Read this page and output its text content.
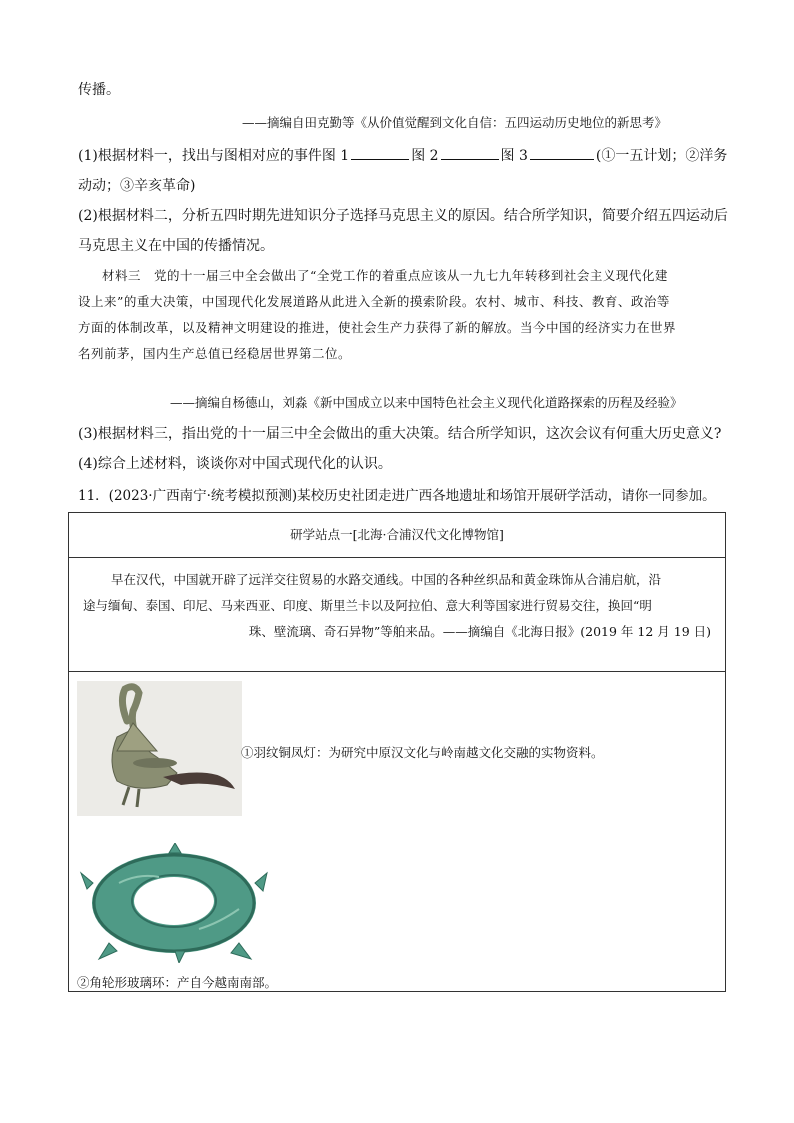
传播。
——摘编自田克勤等《从价值觉醒到文化自信：五四运动历史地位的新思考》
(1)根据材料一，找出与图相对应的事件图 1	图 2	图 3	(①一五计划；②洋务
动动；③辛亥革命)
(2)根据材料二，分析五四时期先进知识分子选择马克思主义的原因。结合所学知识，简要介绍五四运动后
马克思主义在中国的传播情况。
材料三　党的十一届三中全会做出了“全党工作的着重点应该从一九七九年转移到社会主义现代化建
设上来”的重大决策，中国现代化发展道路从此进入全新的摸索阶段。农村、城市、科技、教育、政治等
方面的体制改革，以及精神文明建设的推进，使社会生产力获得了新的解放。当今中国的经济实力在世界
名列前茅，国内生产总值已经稳居世界第二位。
——摘编自杨德山，刘淼《新中国成立以来中国特色社会主义现代化道路探索的历程及经验》
(3)根据材料三，指出党的十一届三中全会做出的重大决策。结合所学知识，这次会议有何重大历史意义?
(4)综合上述材料，谈谈你对中国式现代化的认识。
11．(2023·广西南宁·统考模拟预测)某校历史社团走进广西各地遗址和场馆开展研学活动，请你一同参加。
研学站点一[北海·合浦汉代文化博物馆]
早在汉代，中国就开辟了远洋交往贸易的水路交通线。中国的各种丝织品和黄金珠饰从合浦启航，沿
途与缅甸、泰国、印尼、马来西亚、印度、斯里兰卡以及阿拉伯、意大利等国家进行贸易交往，换回“明
珠、壁流璃、奇石异物”等舶来品。——摘编自《北海日报》(2019 年 12 月 19 日)
①羽纹铜凤灯：为研究中原汉文化与岭南越文化交融的实物资料。
②角轮形玻璃环：产自今越南南部。
